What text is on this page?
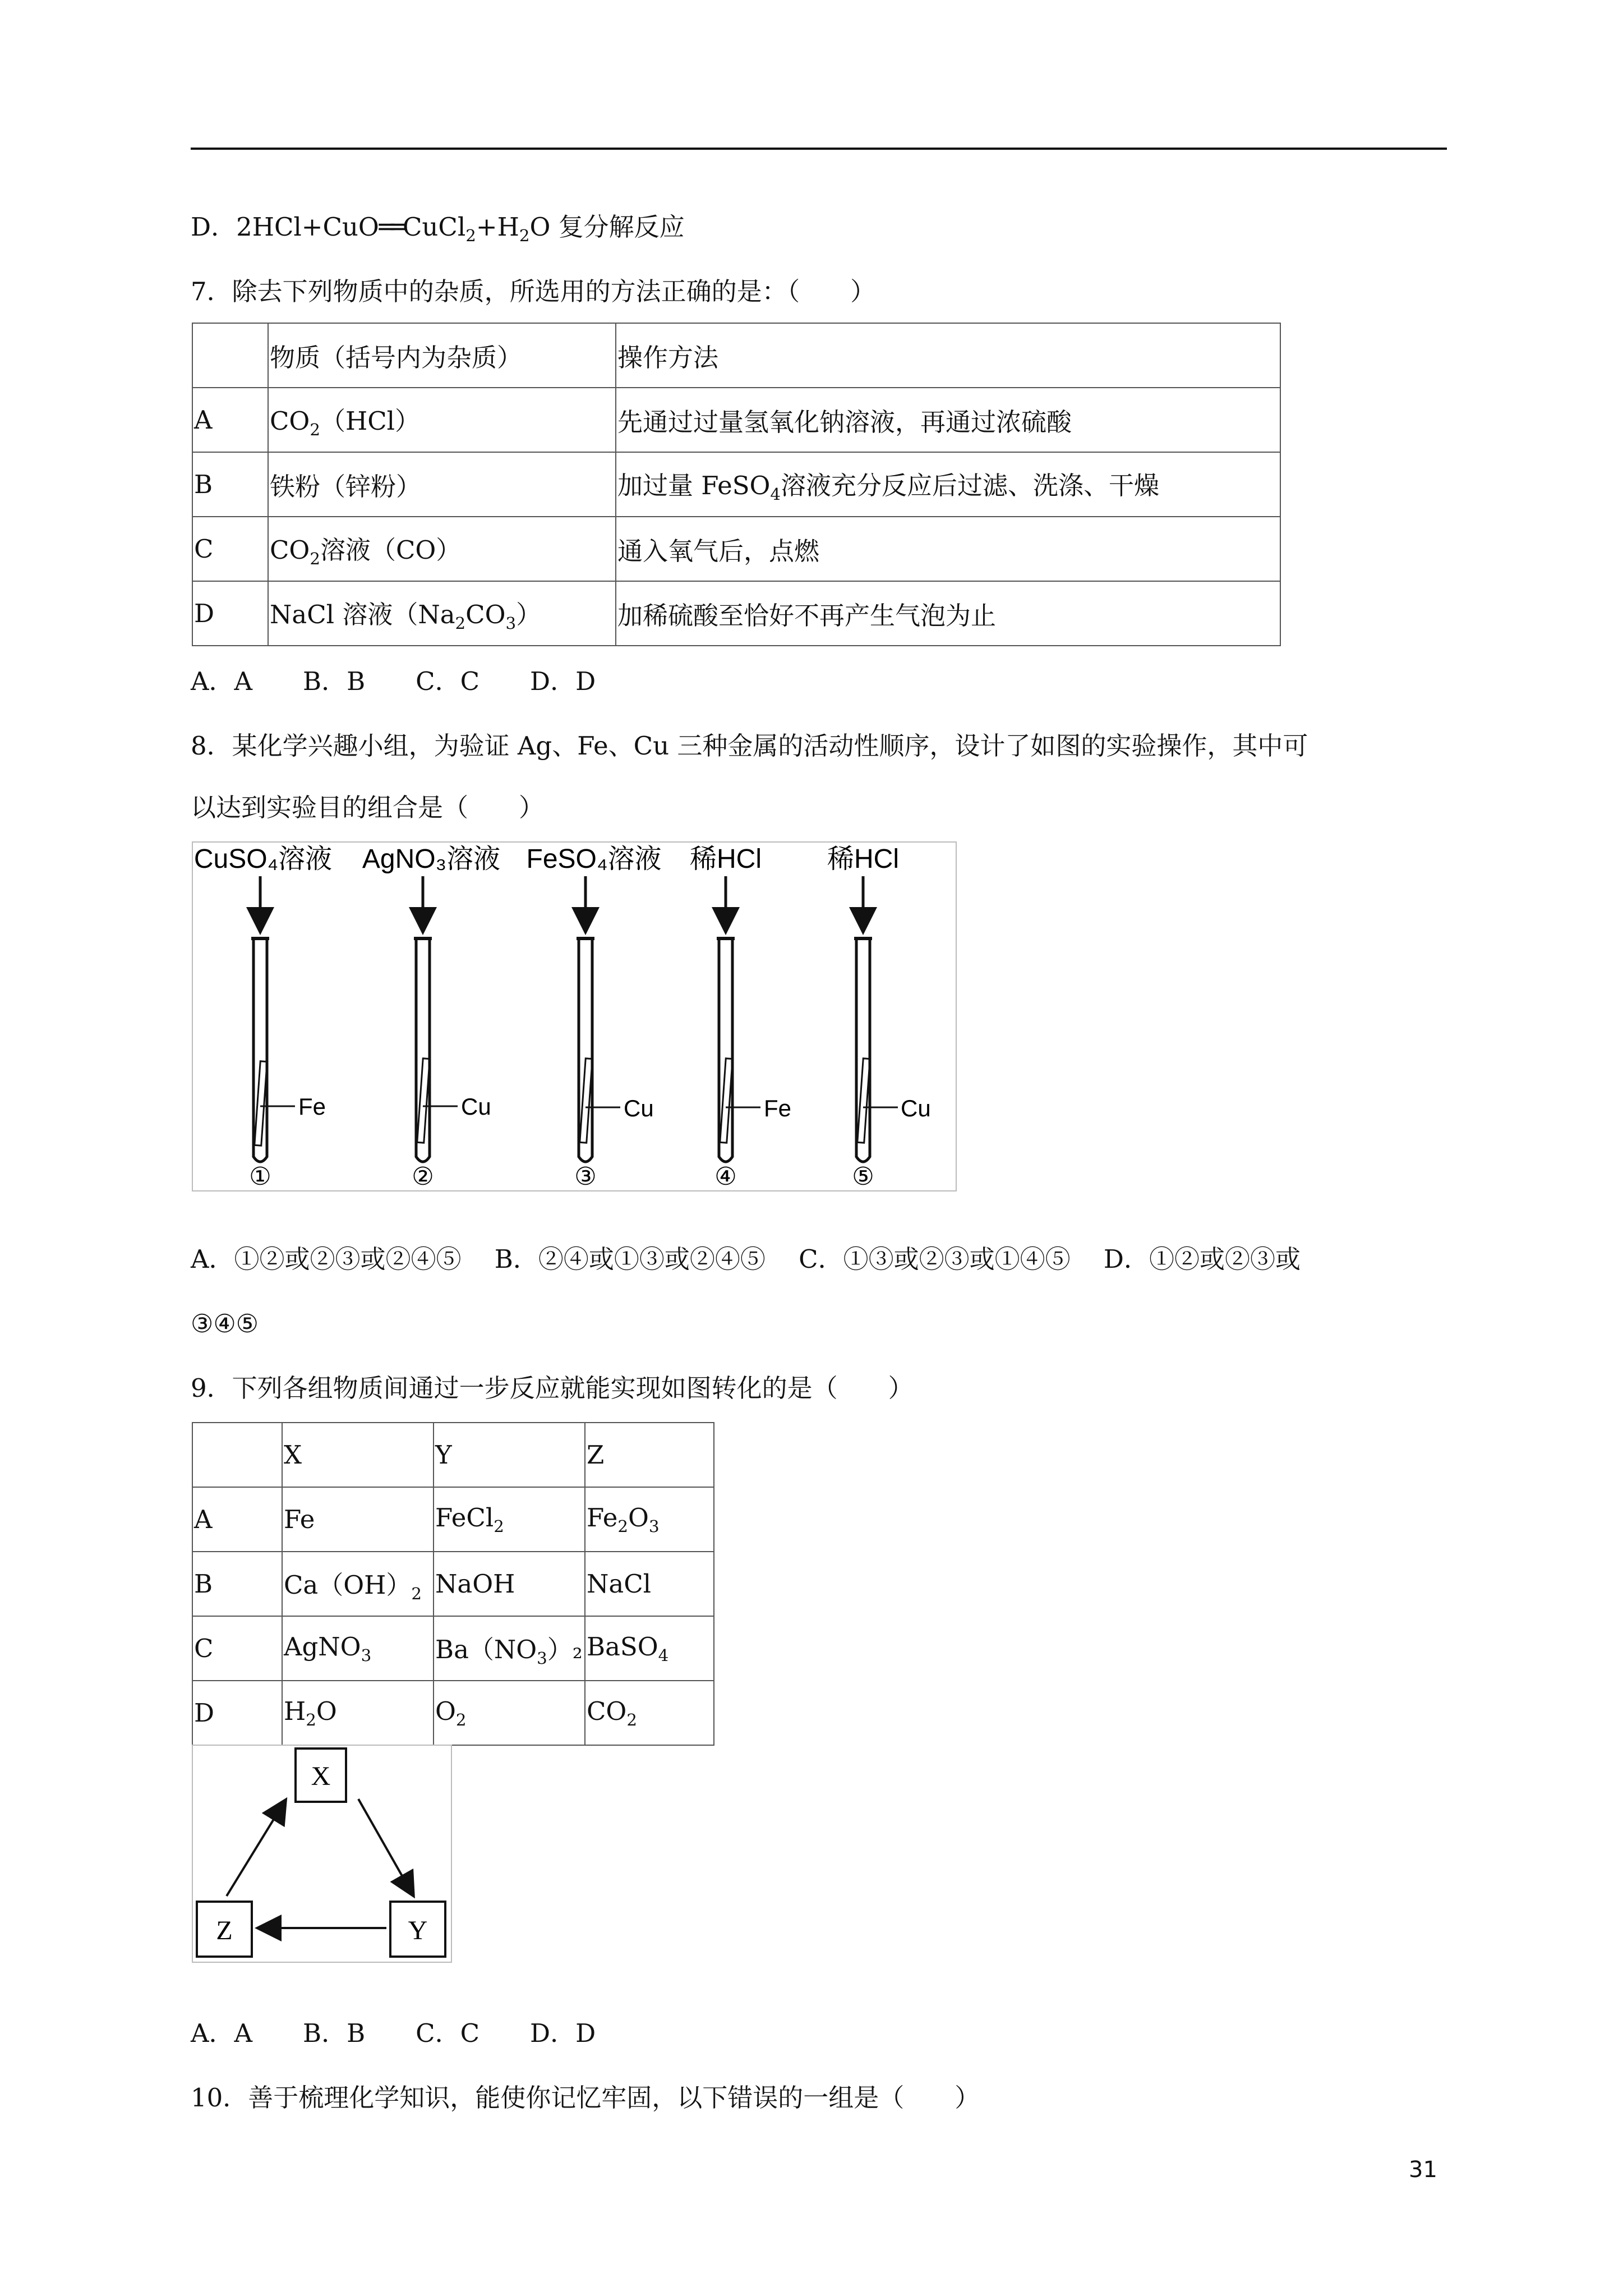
D．$2HCl+CuO══CuCl_2+H_2O$ 复分解反应
7．除去下列物质中的杂质，所选用的方法正确的是：（　　）
	物质（括号内为杂质）	操作方法
A	$CO_2(HCl)$	先通过过量氢氧化钠溶液，再通过浓硫酸
B	铁粉（锌粉）	加过量 FeSO$_4$溶液充分反应后过滤、洗涤、干燥
C	$CO_2$溶液（CO）	通入氧气后，点燃
D	NaCl 溶液$(Na_2CO_3)$	加稀硫酸至恰好不再产生气泡为止
A．A　　B．B　　C．C　　D．D
8．某化学兴趣小组，为验证 Ag、Fe、Cu 三种金属的活动性顺序，设计了如图的实验操作，其中可
以达到实验目的组合是（　　）
CuSO₄溶液
Fe
①
AgNO₃溶液
Cu
②
FeSO₄溶液
Cu
③
稀HCl
Fe
④
稀HCl
Cu
⑤
A．①②或②③或②④⑤　 B．②④或①③或②④⑤　 C．①③或②③或①④⑤　 D．①②或②③或
③④⑤
9．下列各组物质间通过一步反应就能实现如图转化的是（　　）
	X	Y	Z
A	Fe	FeCl$_2$	$Fe_2O_3$
B	$Ca(OH)_2$	NaOH	NaCl
C	AgNO$_3$	$Ba(NO_3)_2$	BaSO$_4$
D	$H_2O$	$O_2$	$CO_2$
X
Y
Z
A．A　　B．B　　C．C　　D．D
10．善于梳理化学知识，能使你记忆牢固，以下错误的一组是（　　）
31
